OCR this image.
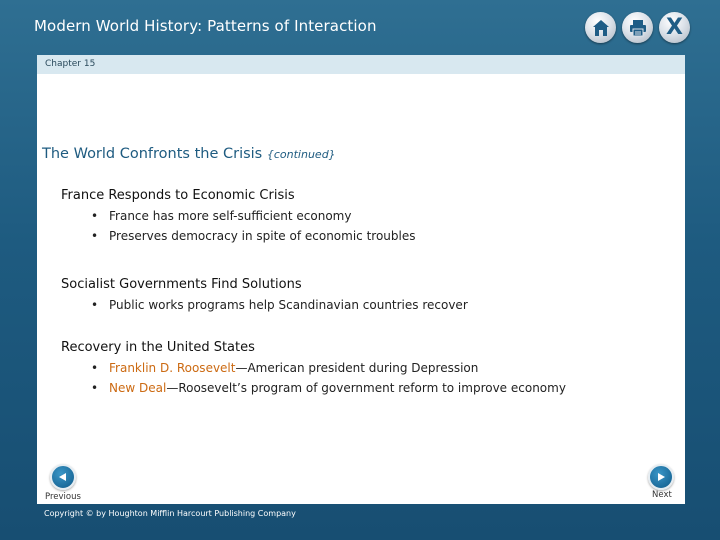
Modern World History: Patterns of Interaction	X
Chapter 15
The World Confronts the Crisis {continued}
France Responds to Economic Crisis
• France has more self-sufficient economy
• Preserves democracy in spite of economic troubles
Socialist Governments Find Solutions
• Public works programs help Scandinavian countries recover
Recovery in the United States
• Franklin D. Roosevelt—American president during Depression
• New Deal—Roosevelt’s program of government reform to improve economy
Previous	Next
Copyright © by Houghton Mifflin Harcourt Publishing Company
